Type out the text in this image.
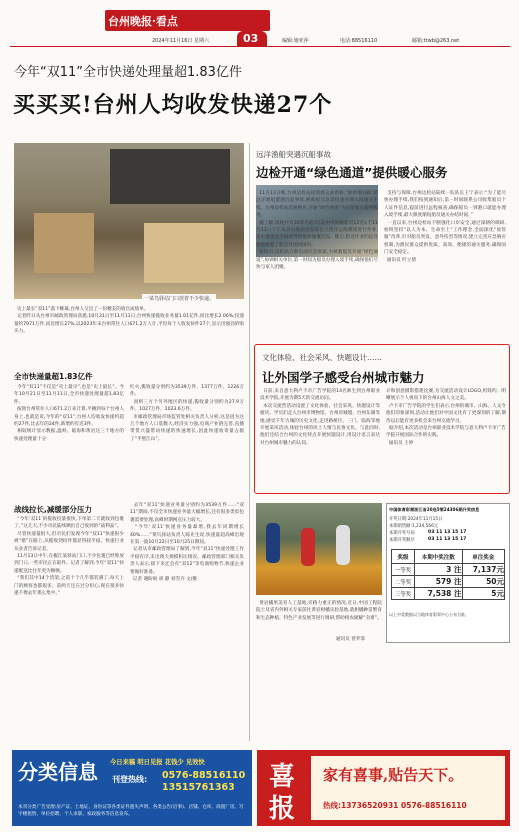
台州晚报·看点
2024年11月16日 星期六	03	编辑:施亚萍	电话:88516110	邮箱:ttwb@263.net
今年“双11”全市快递处理量超1.83亿件
买买买!台州人均收发快递27个
一菜鸟驿站门口放着不少快递。
史上最长“双11”落下帷幕,台州人交出了一份精美的收官成绩单。
记者昨日从台州市邮政管理局获悉,10月21日至11月11日,台州快递揽收业务量1.01亿件,同比增长2.06%;投递量约7971万件,同比增长27%,以2023年末台州常住人口671.2万人计,平均每个人收发快件27个,显示出强劲的购买力。
全市快递量超1.83亿件
今年“双11”不仅是“史上最早”,也是“史上最长”。今年10月21日至11月11日,全市快递处理量超1.83亿件。
按照台州常住人口671.2万来计算,平摊到每个台州人身上,也就是说,今年的“双11”,台州人均收发快递约超约27件,比去年的24件,新增约有近3件。
相较统计显示数据,温岭、临海和黄岩这三个地方的快递处理量十分
战线拉长,减缓部分压力
“今年‘双11’的揽收投量很快,下单第二天就收到包裹了。”这几天,不少市民陆续晒出自己收到的“战利品”。
尽管快递量很大,但市民们发现今年“双11”快递很少被“堵”在路上,从揽收到投件都显得较平稳。快递行业从业者告诉记者。
11月13日中午,在椒江某驿站门口,不少包裹已经堆放到门口,一些市民正在取件。记者了解到,今年“双11”快递配送比往年更为顺畅。
“我们其中14个货架,之前十个几乎都装满了,每天上门的顾客也都很多。前两天还在过分担心,现在很多快递不像去年那么集中。”
红火,揽收量分别约为3539万件、1377万件、1226万件。
而则三方个另外地区的快递,揽收量分别约为27.9万件、1027万件、1023.6万件。
市邮政管理局市场监管处相关负责人分析,这是因为这几个地方人口基数大,经济实力强,电商产业链完善,直播带货兴盛带动快递的快速增长,因此快递收寄量占据了“半壁江山”。
去年“双11”快递业务量分别约为3539万件……“双11”期间,不仅全市快递业务量大幅增长,还有很多类似包裹需要处理,高峰时期网点压力较大。
“今年‘双11’快递业务量暴增,我去年同期增长40%……”菜鸟驿站负责人陈先生说,快递量超高峰出现在第一波10月22日至10月25日期间。
记者从市邮政管理局了解到,今年“双11”快递处理工作平稳有序,未出现大规模积压情况。邮政管理部门相关负责人表示,接下来还会有“双12”等电商购物节,快递企业要做好准备。
记者 谢盼盼 胡 静 刘雪卉 文/摄
远洋渔船突遇沉船事故
边检开通“绿色通道”提供暖心服务
11月13日晚,台州边检站接到群众求助称,“浙岭渔186”轮远洋渔船遭遇沉船事故,被救船员急需快速办理入境通关手续。台州边检站迅速响应,开通“绿色通道”为沉船船员提供服务。
据了解,该轮共有30余名船员(其中中国籍船员12名),于11月12日下午从舟山海岸出发前往大西洋公海渔场进行作业,途中遭遇恶劣海况导致船体倾覆沉没。随后,附近作业的远洋渔船救起了船员并送回国内。
接报后,边检站立即启动应急预案,为被救船员开通“绿色通道”,协调相关单位,第一时间为船员办理入境手续,确保他们尽快与家人团聚。
支持与保障,台州边检站陆续一队队长王宁表示:“为了能尽快办理手续,我们按到通知后,第一时间联系公司收集船员个人证件信息,提前进行远程核查,确保船员一到港口就能办理入境手续,最大限度缩短船员通关办结时间。”
一直以来,台州边检站不断强化口岸安全,通过深耕的调研,始终坚持“以人为本、生命至上”工作理念,全面深化“放管服”改革,针对船员突发、意外伤害等情况,建立完善应急响应机制,为渔民群众提供优质、高效、便捷的通关服务,确保国门安全稳定。
通讯员 叶立倩
文化体验、社会采风、快题设计……
让外国学子感受台州城市魅力
日前,来自意大利卢卡市广告学院的14名师生到台州职业技术学院,开展为期5天的交流访问。
本次交流营活动设置了文化体验、社会采风、快题设计等板块。学员们走入台州市博物馆、台州府城墙、台州东湖等地,感受千年古城的历史文化,走进路桥区、三门、临海等地开展采风活动,体验台州的风土人情与民俗文化。与此同时,他们还结合台州的文化特点开展快题设计,用设计语言表达对台州城市魅力的认知。
计和创意摄影搭建比赛,为交流活动设计LOGO,用简约、明晰展示个人视角下的台州山海人文之美。
卢卡市广告学院的学生们表示,台州的城市、山海、人文令他们印象深刻,活动让他们对中国文化有了更深刻的了解,期待以后能有更多机会来台州交流学习。
据介绍,本次活动是台州职业技术学院与意大利卢卡市广告学院开展国际合作的实践。
通讯员 王婷
黄岩橘果美育人工基地,旁路力重正的情况,近日,中国工程院院士及省内外相关专家前往黄岩柑橘实验基地,就柑橘种苗繁育和生态种植、特色产业发展等进行调研,帮助柑农破解“卖难”。
通讯员 曾乔霏
中国体育彩票浙江省20选5第24306期开奖信息
开奖日期:2024年11月15日
本期销售额:1,234,566元
本期开奖号码	03 11 13 15 17
本期开奖顺序	03 11 13 15 17
奖级	本期中奖注数	单注奖金
一等奖	3 注	7,137元
二等奖	579 注	50元
三等奖	7,538 注	5元
以上中奖数据以当地体育彩票中心公布为准。
分类信息 今日来稿 明日见报 花钱少 见效快
刊登热线: 0576-88516110
13515761363
本刊分类广告受理:房产证、土地证、身份证等各类证件遗失声明、各类公告(启事)、店铺、仓库、商置厂房、写字楼租售、单位招聘、个人求职、家政服务等信息发布。
喜
报
家有喜事,贴告天下。
热线:13736520931 0576-88516110
